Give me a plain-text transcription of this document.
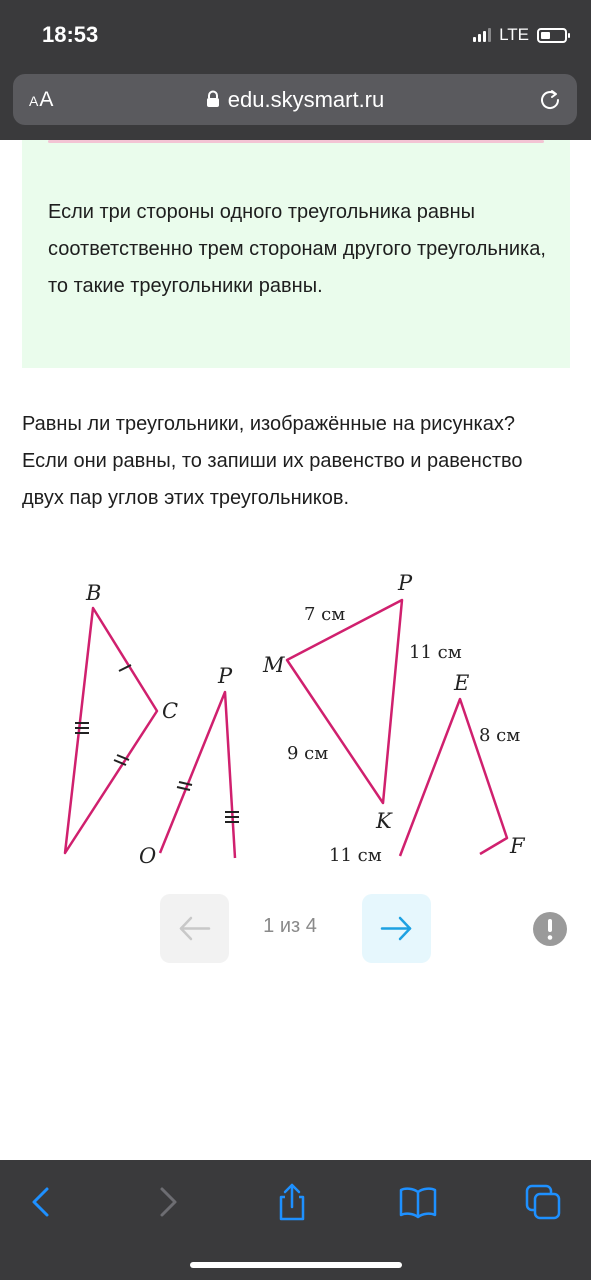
18:53	LTE
AA	edu.skysmart.ru
Если три стороны одного треугольника равны соответственно трем сторонам другого треугольника, то такие треугольники равны.
Равны ли треугольники, изображённые на рисунках? Если они равны, то запиши их равенство и равенство двух пар углов этих треугольников.
B
C
O
P M
P
K
E
F
7 см
11 см
9 см
8 см
11 см
1 из 4
